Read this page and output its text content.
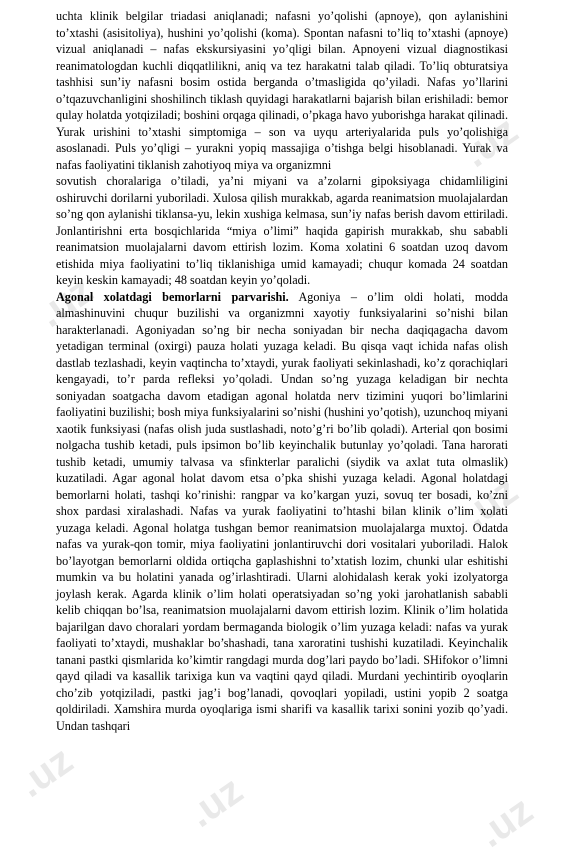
.uz
.uz
.uz
.uz
.uz	.uz

uchta klinik belgilar triadasi aniqlanadi; nafasni yo’qolishi (apnoye), qon aylanishini to’xtashi (asisitoliya), hushini yo’qolishi (koma). Spontan nafasni to’liq to’xtashi (apnoye) vizual aniqlanadi – nafas ekskursiyasini yo’qligi bilan. Apnoyeni vizual diagnostikasi reanimatologdan kuchli diqqatlilikni, aniq va tez harakatni talab qiladi. To’liq obturatsiya tashhisi sun’iy nafasni bosim ostida berganda o’tmasligida qo’yiladi. Nafas yo’llarini o’tqazuvchanligini shoshilinch tiklash quyidagi harakatlarni bajarish bilan erishiladi: bemor qulay holatda yotqiziladi; boshini orqaga qilinadi, o’pkaga havo yuborishga harakat qilinadi. Yurak urishini to’xtashi simptomiga – son va uyqu arteriyalarida puls yo’qolishiga asoslanadi. Puls yo’qligi – yurakni yopiq massajiga o’tishga belgi hisoblanadi. Yurak va nafas faoliyatini tiklanish zahotiyoq miya va organizmni

sovutish choralariga o’tiladi, ya’ni miyani va a’zolarni gipoksiyaga chidamliligini oshiruvchi dorilarni yuboriladi. Xulosa qilish murakkab, agarda reanimatsion muolajalardan so’ng qon aylanishi tiklansa-yu, lekin xushiga kelmasa, sun’iy nafas berish davom ettiriladi. Jonlantirishni erta bosqichlarida “miya o’limi” haqida gapirish murakkab, shu sababli reanimatsion muolajalarni davom ettirish lozim. Koma xolatini 6 soatdan uzoq davom etishida miya faoliyatini to’liq tiklanishiga umid kamayadi; chuqur komada 24 soatdan keyin keskin kamayadi; 48 soatdan keyin yo’qoladi.

Agonal xolatdagi bemorlarni parvarishi. Agoniya – o’lim oldi holati, modda almashinuvini chuqur buzilishi va organizmni xayotiy funksiyalarini so’nishi bilan harakterlanadi. Agoniyadan so’ng bir necha soniyadan bir necha daqiqagacha davom yetadigan terminal (oxirgi) pauza holati yuzaga keladi. Bu qisqa vaqt ichida nafas olish dastlab tezlashadi, keyin vaqtincha to’xtaydi, yurak faoliyati sekinlashadi, ko’z qorachiqlari kengayadi, to’r parda refleksi yo’qoladi. Undan so’ng yuzaga keladigan bir nechta soniyadan soatgacha davom etadigan agonal holatda nerv tizimini yuqori bo’limlarini faoliyatini buzilishi; bosh miya funksiyalarini so’nishi (hushini yo’qotish), uzunchoq miyani xaotik funksiyasi (nafas olish juda sustlashadi, noto’g’ri bo’lib qoladi). Arterial qon bosimi nolgacha tushib ketadi, puls ipsimon bo’lib keyinchalik butunlay yo’qoladi. Tana harorati tushib ketadi, umumiy talvasa va sfinkterlar paralichi (siydik va axlat tuta olmaslik) kuzatiladi. Agar agonal holat davom etsa o’pka shishi yuzaga keladi. Agonal holatdagi bemorlarni holati, tashqi ko’rinishi: rangpar va ko’kargan yuzi, sovuq ter bosadi, ko’zni shox pardasi xiralashadi. Nafas va yurak faoliyatini to’htashi bilan klinik o’lim xolati yuzaga keladi. Agonal holatga tushgan bemor reanimatsion muolajalarga muxtoj. Odatda nafas va yurak-qon tomir, miya faoliyatini jonlantiruvchi dori vositalari yuboriladi. Halok bo’layotgan bemorlarni oldida ortiqcha gaplashishni to’xtatish lozim, chunki ular eshitishi mumkin va bu holatini yanada og’irlashtiradi. Ularni alohidalash kerak yoki izolyatorga joylash kerak. Agarda klinik o’lim holati operatsiyadan so’ng yoki jarohatlanish sababli kelib chiqqan bo’lsa, reanimatsion muolajalarni davom ettirish lozim. Klinik o’lim holatida bajarilgan davo choralari yordam bermaganda biologik o’lim yuzaga keladi: nafas va yurak faoliyati to’xtaydi, mushaklar bo’shashadi, tana xaroratini tushishi kuzatiladi. Keyinchalik tanani pastki qismlarida ko’kimtir rangdagi murda dog’lari paydo bo’ladi. SHifokor o’limni qayd qiladi va kasallik tarixiga kun va vaqtini qayd qiladi. Murdani yechintirib oyoqlarin cho’zib yotqiziladi, pastki jag’i bog’lanadi, qovoqlari yopiladi, ustini yopib 2 soatga qoldiriladi. Xamshira murda oyoqlariga ismi sharifi va kasallik tarixi sonini yozib qo’yadi. Undan tashqari
